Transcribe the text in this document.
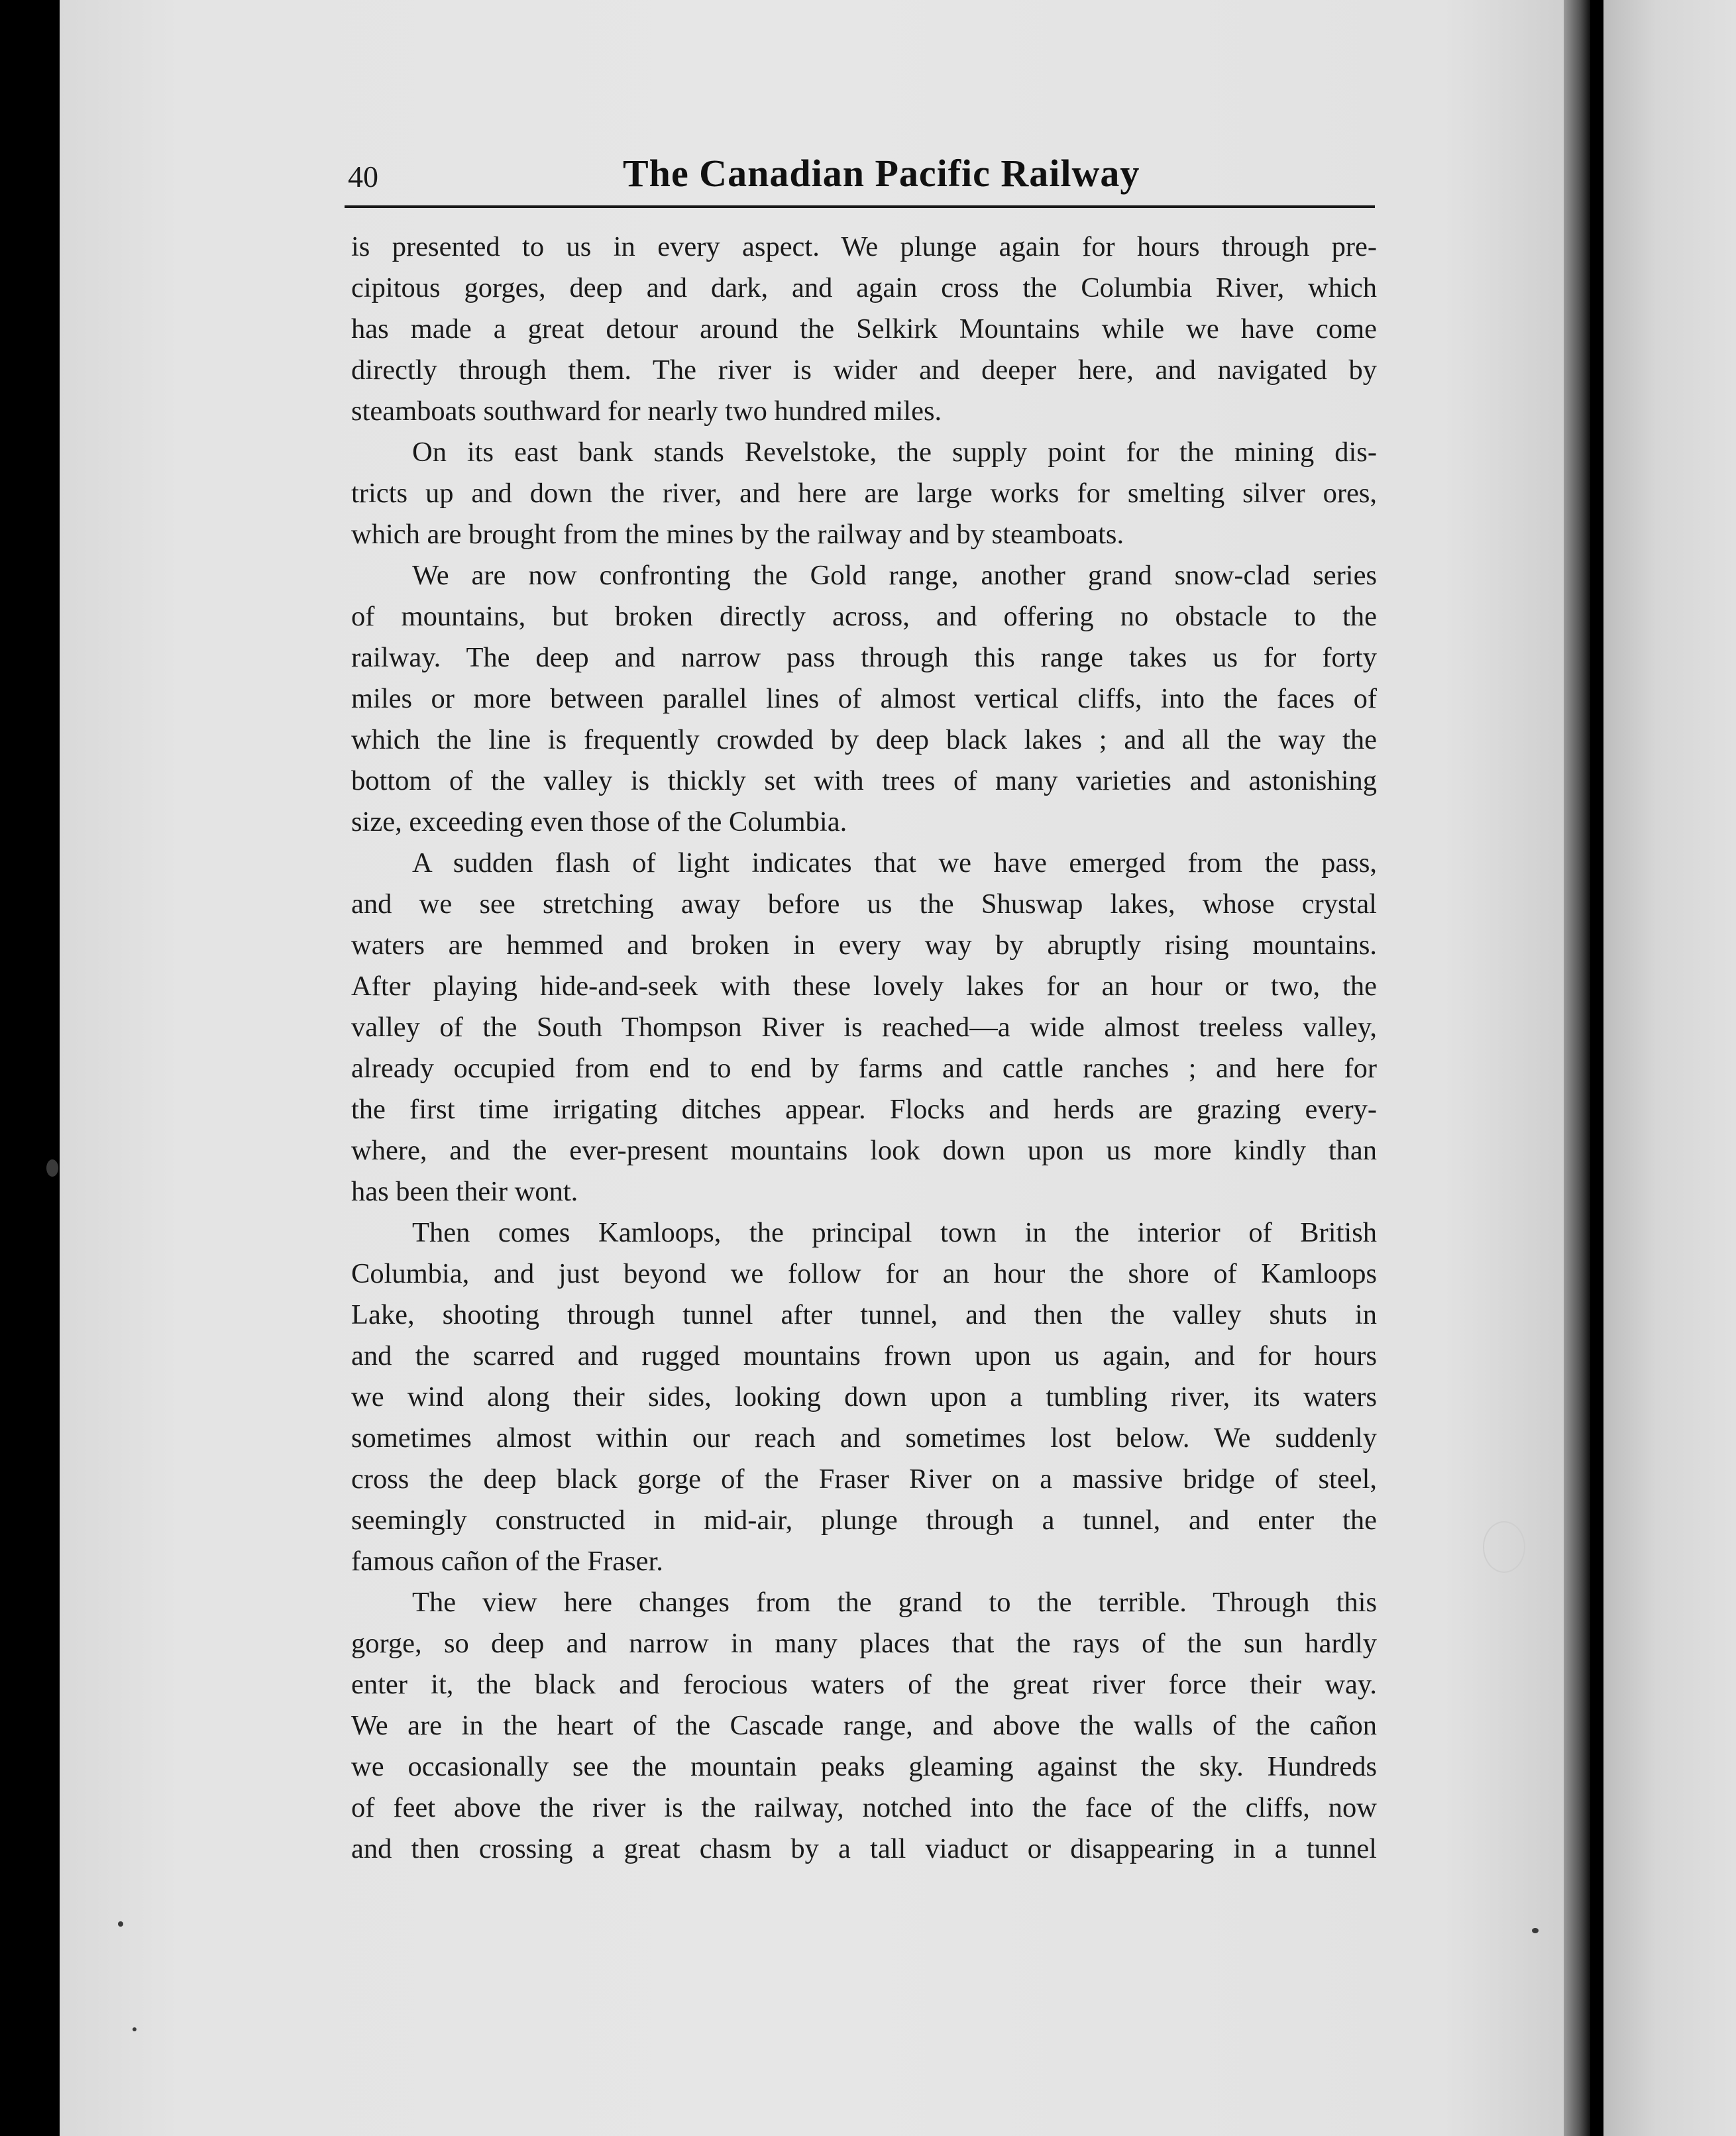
40	The Canadian Pacific Railway
is presented to us in every aspect. We plunge again for hours through pre-
cipitous gorges, deep and dark, and again cross the Columbia River, which
has made a great detour around the Selkirk Mountains while we have come
directly through them. The river is wider and deeper here, and navigated by
steamboats southward for nearly two hundred miles.
On its east bank stands Revelstoke, the supply point for the mining dis-
tricts up and down the river, and here are large works for smelting silver ores,
which are brought from the mines by the railway and by steamboats.
We are now confronting the Gold range, another grand snow-clad series
of mountains, but broken directly across, and offering no obstacle to the
railway. The deep and narrow pass through this range takes us for forty
miles or more between parallel lines of almost vertical cliffs, into the faces of
which the line is frequently crowded by deep black lakes ; and all the way the
bottom of the valley is thickly set with trees of many varieties and astonishing
size, exceeding even those of the Columbia.
A sudden flash of light indicates that we have emerged from the pass,
and we see stretching away before us the Shuswap lakes, whose crystal
waters are hemmed and broken in every way by abruptly rising mountains.
After playing hide-and-seek with these lovely lakes for an hour or two, the
valley of the South Thompson River is reached—a wide almost treeless valley,
already occupied from end to end by farms and cattle ranches ; and here for
the first time irrigating ditches appear. Flocks and herds are grazing every-
where, and the ever-present mountains look down upon us more kindly than
has been their wont.
Then comes Kamloops, the principal town in the interior of British
Columbia, and just beyond we follow for an hour the shore of Kamloops
Lake, shooting through tunnel after tunnel, and then the valley shuts in
and the scarred and rugged mountains frown upon us again, and for hours
we wind along their sides, looking down upon a tumbling river, its waters
sometimes almost within our reach and sometimes lost below. We suddenly
cross the deep black gorge of the Fraser River on a massive bridge of steel,
seemingly constructed in mid-air, plunge through a tunnel, and enter the
famous cañon of the Fraser.
The view here changes from the grand to the terrible. Through this
gorge, so deep and narrow in many places that the rays of the sun hardly
enter it, the black and ferocious waters of the great river force their way.
We are in the heart of the Cascade range, and above the walls of the cañon
we occasionally see the mountain peaks gleaming against the sky. Hundreds
of feet above the river is the railway, notched into the face of the cliffs, now
and then crossing a great chasm by a tall viaduct or disappearing in a tunnel
